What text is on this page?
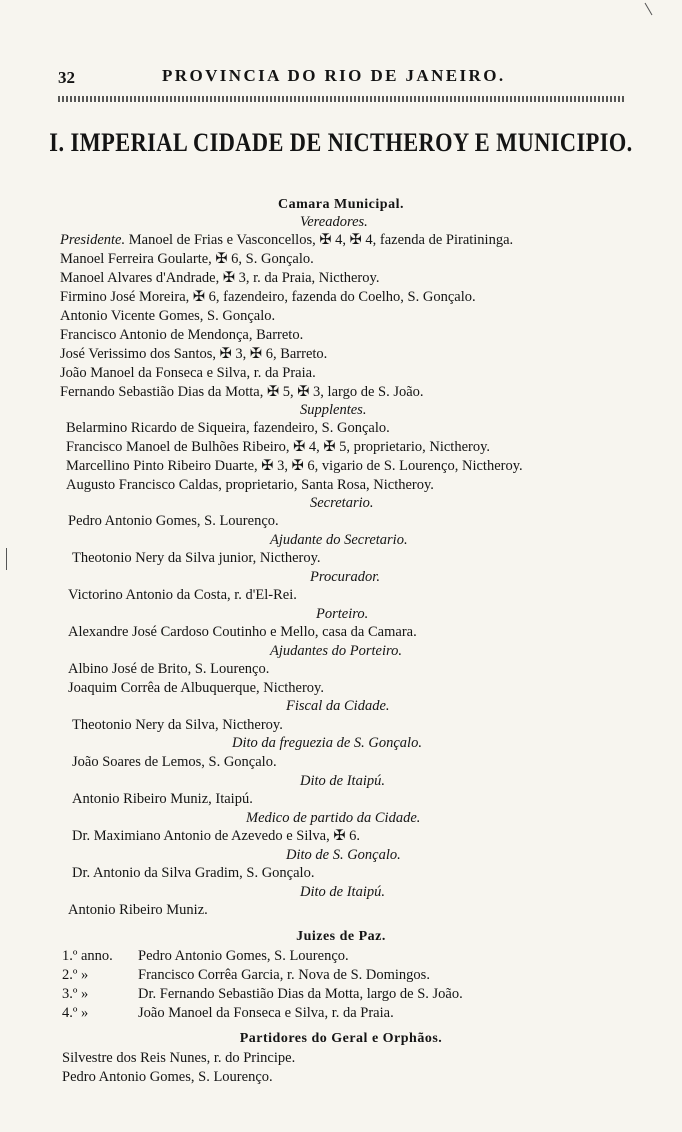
32	PROVINCIA DO RIO DE JANEIRO.
I. IMPERIAL CIDADE DE NICTHEROY E MUNICIPIO.
Camara Municipal.
Vereadores.
Presidente. Manoel de Frias e Vasconcellos, ✠ 4, ✠ 4, fazenda de Piratininga.
Manoel Ferreira Goularte, ✠ 6, S. Gonçalo.
Manoel Alvares d'Andrade, ✠ 3, r. da Praia, Nictheroy.
Firmino José Moreira, ✠ 6, fazendeiro, fazenda do Coelho, S. Gonçalo.
Antonio Vicente Gomes, S. Gonçalo.
Francisco Antonio de Mendonça, Barreto.
José Verissimo dos Santos, ✠ 3, ✠ 6, Barreto.
João Manoel da Fonseca e Silva, r. da Praia.
Fernando Sebastião Dias da Motta, ✠ 5, ✠ 3, largo de S. João.
Supplentes.
Belarmino Ricardo de Siqueira, fazendeiro, S. Gonçalo.
Francisco Manoel de Bulhões Ribeiro, ✠ 4, ✠ 5, proprietario, Nictheroy.
Marcellino Pinto Ribeiro Duarte, ✠ 3, ✠ 6, vigario de S. Lourenço, Nictheroy.
Augusto Francisco Caldas, proprietario, Santa Rosa, Nictheroy.
Secretario.
Pedro Antonio Gomes, S. Lourenço.
Ajudante do Secretario.
Theotonio Nery da Silva junior, Nictheroy.
Procurador.
Victorino Antonio da Costa, r. d'El-Rei.
Porteiro.
Alexandre José Cardoso Coutinho e Mello, casa da Camara.
Ajudantes do Porteiro.
Albino José de Brito, S. Lourenço.
Joaquim Corrêa de Albuquerque, Nictheroy.
Fiscal da Cidade.
Theotonio Nery da Silva, Nictheroy.
Dito da freguezia de S. Gonçalo.
João Soares de Lemos, S. Gonçalo.
Dito de Itaipú.
Antonio Ribeiro Muniz, Itaipú.
Medico de partido da Cidade.
Dr. Maximiano Antonio de Azevedo e Silva, ✠ 6.
Dito de S. Gonçalo.
Dr. Antonio da Silva Gradim, S. Gonçalo.
Dito de Itaipú.
Antonio Ribeiro Muniz.
Juizes de Paz.
1.º anno. Pedro Antonio Gomes, S. Lourenço.
2.º »	Francisco Corrêa Garcia, r. Nova de S. Domingos.
3.º »	Dr. Fernando Sebastião Dias da Motta, largo de S. João.
4.º »	João Manoel da Fonseca e Silva, r. da Praia.
Partidores do Geral e Orphãos.
Silvestre dos Reis Nunes, r. do Principe.
Pedro Antonio Gomes, S. Lourenço.
